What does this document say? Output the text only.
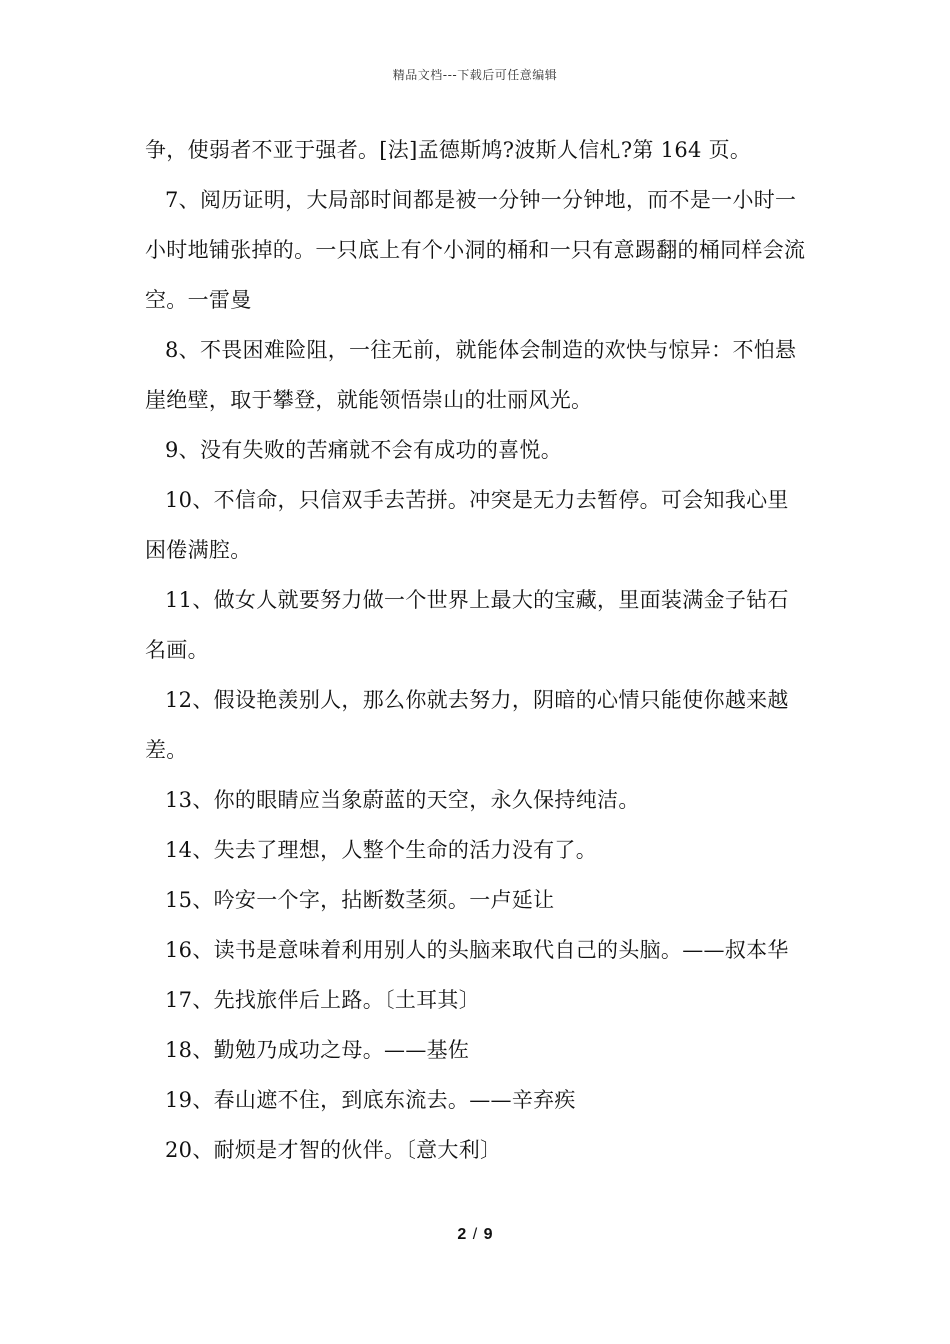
精品文档---下载后可任意编辑

争，使弱者不亚于强者。[法]孟德斯鸠?波斯人信札?第 164 页。

7、阅历证明，大局部时间都是被一分钟一分钟地，而不是一小时一小时地铺张掉的。一只底上有个小洞的桶和一只有意踢翻的桶同样会流空。一雷曼

8、不畏困难险阻，一往无前，就能体会制造的欢快与惊异：不怕悬崖绝壁，取于攀登，就能领悟崇山的壮丽风光。

9、没有失败的苦痛就不会有成功的喜悦。

10、不信命，只信双手去苦拼。冲突是无力去暂停。可会知我心里困倦满腔。

11、做女人就要努力做一个世界上最大的宝藏，里面装满金子钻石名画。

12、假设艳羡别人，那么你就去努力，阴暗的心情只能使你越来越差。

13、你的眼睛应当象蔚蓝的天空，永久保持纯洁。

14、失去了理想，人整个生命的活力没有了。

15、吟安一个字，拈断数茎须。一卢延让

16、读书是意味着利用别人的头脑来取代自己的头脑。——叔本华

17、先找旅伴后上路。〔土耳其〕

18、勤勉乃成功之母。——基佐

19、春山遮不住，到底东流去。——辛弃疾

20、耐烦是才智的伙伴。〔意大利〕

2 / 9
